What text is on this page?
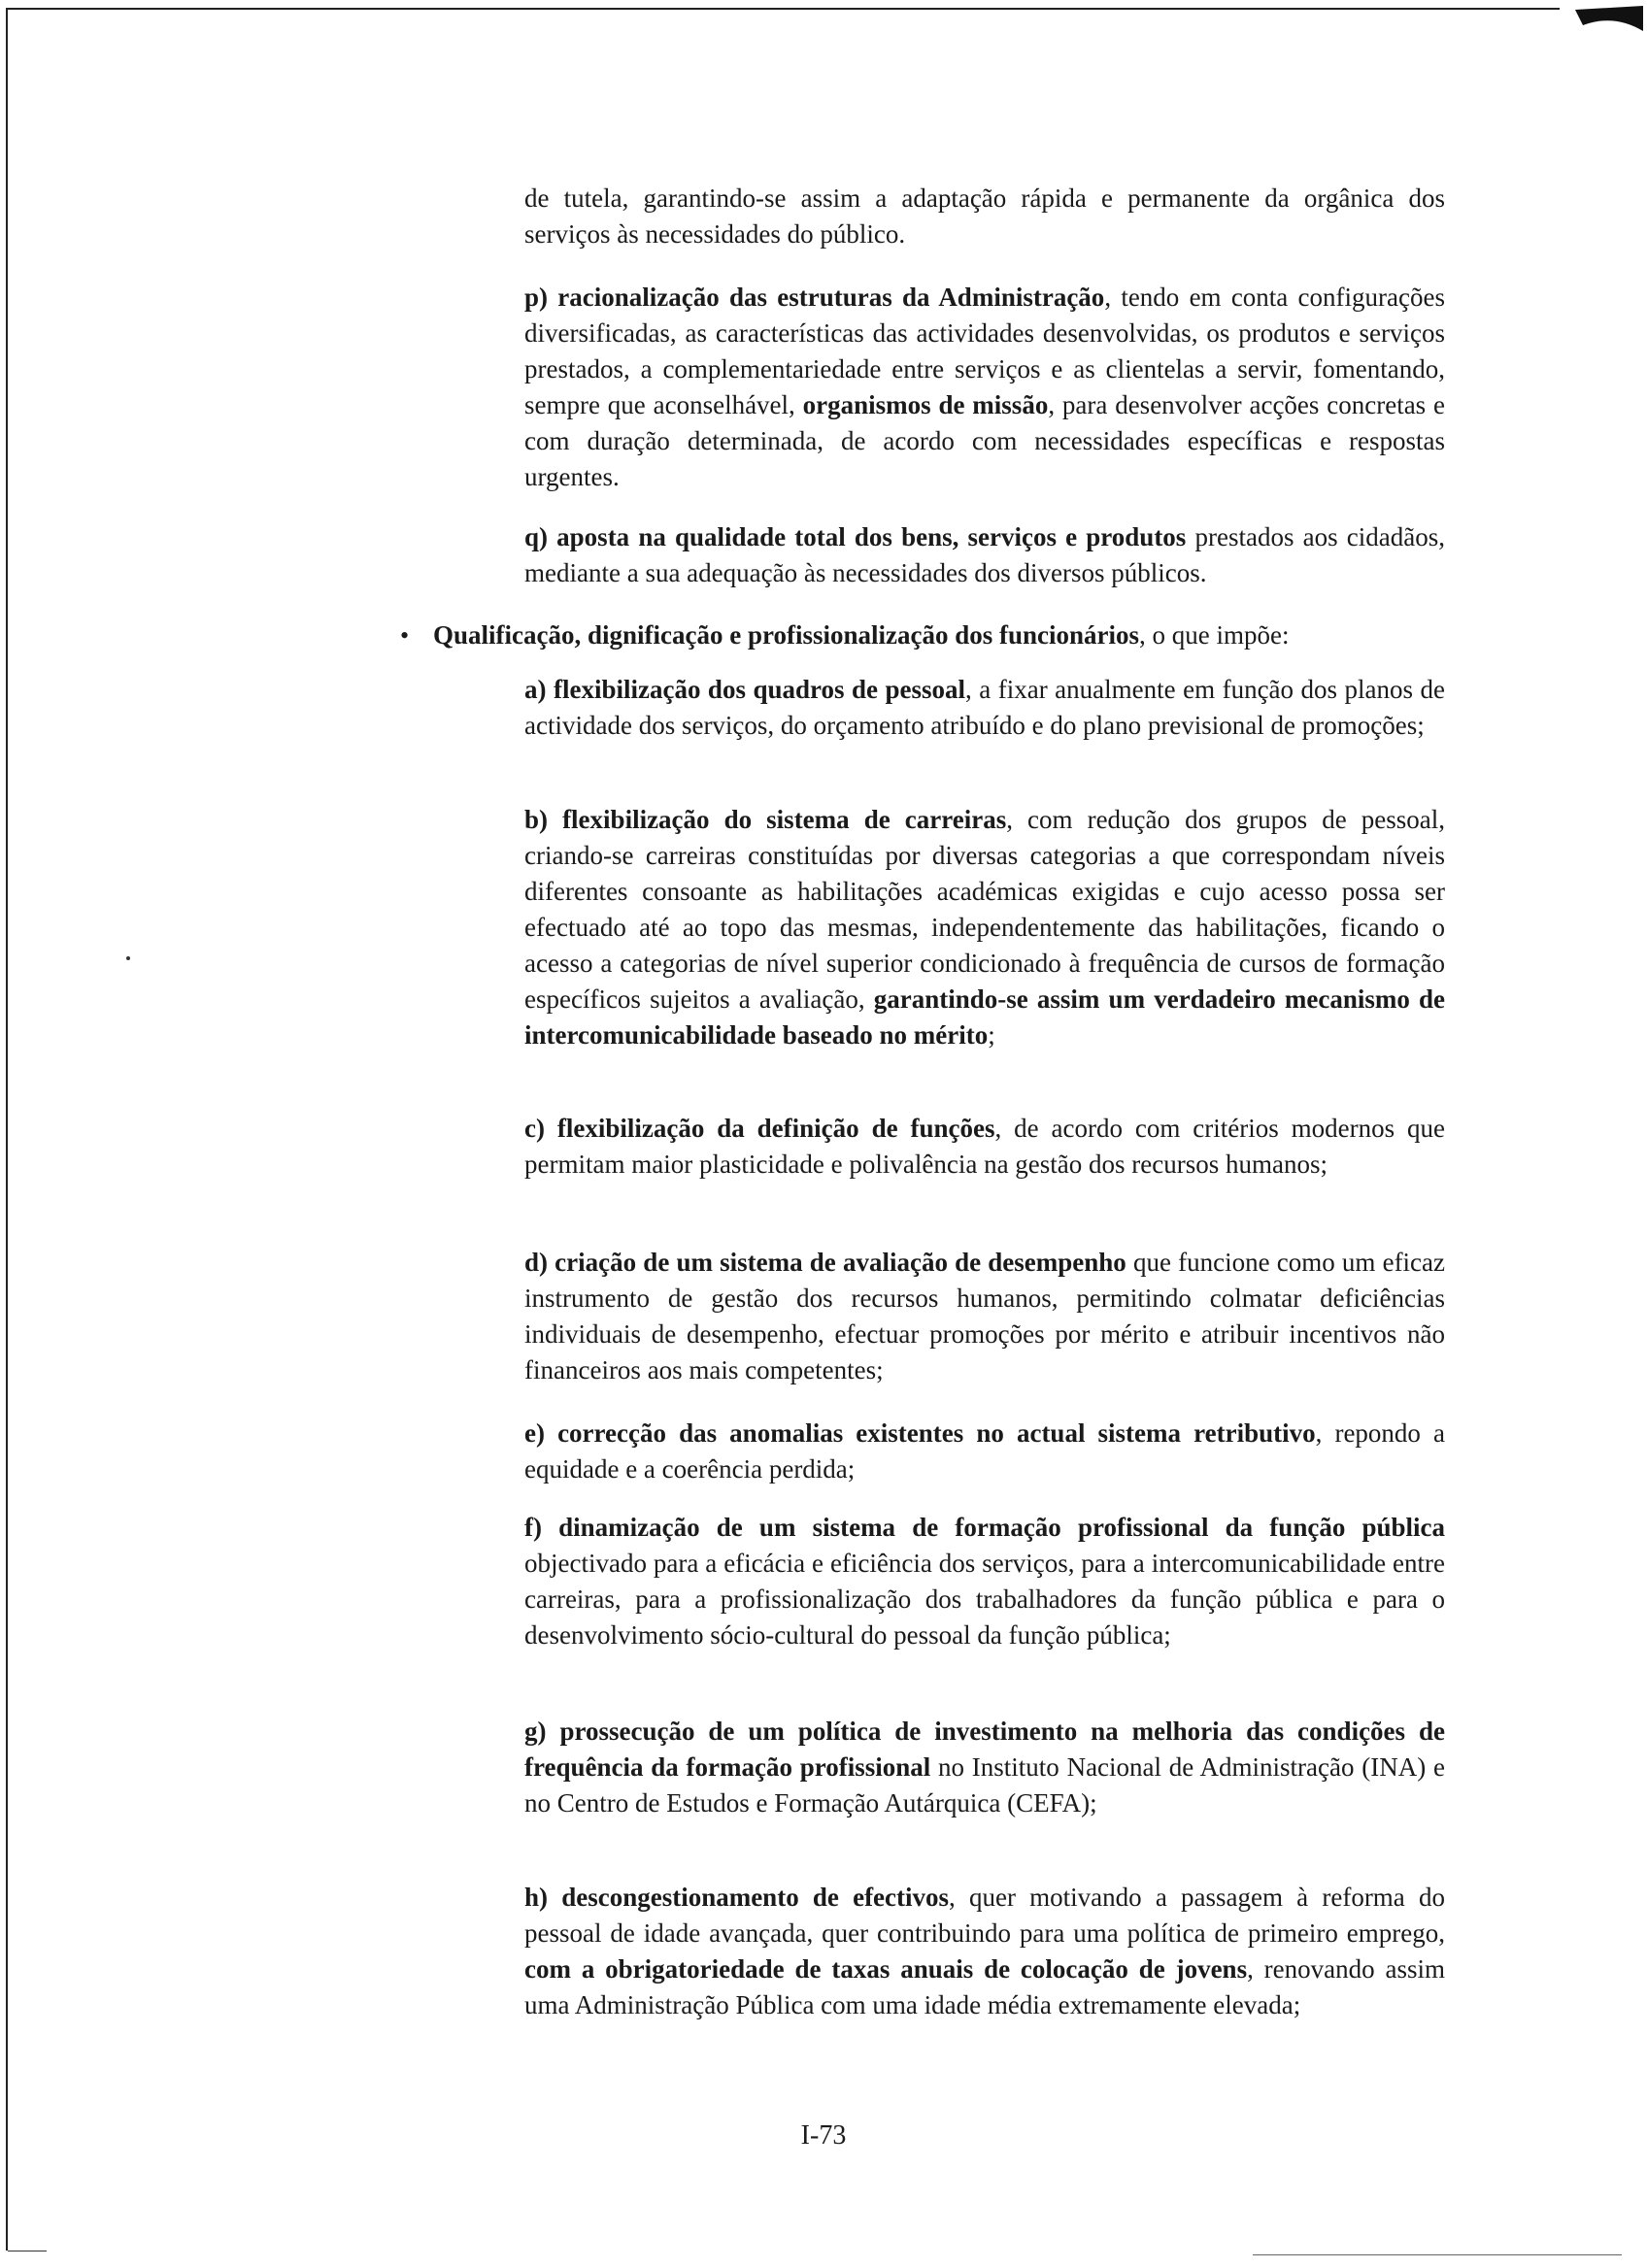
de tutela, garantindo-se assim a adaptação rápida e permanente da orgânica dos serviços às necessidades do público.

p) racionalização das estruturas da Administração, tendo em conta configurações diversificadas, as características das actividades desenvolvidas, os produtos e serviços prestados, a complementariedade entre serviços e as clientelas a servir, fomentando, sempre que aconselhável, organismos de missão, para desenvolver acções concretas e com duração determinada, de acordo com necessidades específicas e respostas urgentes.

q) aposta na qualidade total dos bens, serviços e produtos prestados aos cidadãos, mediante a sua adequação às necessidades dos diversos públicos.

• Qualificação, dignificação e profissionalização dos funcionários, o que impõe:

a) flexibilização dos quadros de pessoal, a fixar anualmente em função dos planos de actividade dos serviços, do orçamento atribuído e do plano previsional de promoções;

b) flexibilização do sistema de carreiras, com redução dos grupos de pessoal, criando-se carreiras constituídas por diversas categorias a que correspondam níveis diferentes consoante as habilitações académicas exigidas e cujo acesso possa ser efectuado até ao topo das mesmas, independentemente das habilitações, ficando o acesso a categorias de nível superior condicionado à frequência de cursos de formação específicos sujeitos a avaliação, garantindo-se assim um verdadeiro mecanismo de intercomunicabilidade baseado no mérito;

c) flexibilização da definição de funções, de acordo com critérios modernos que permitam maior plasticidade e polivalência na gestão dos recursos humanos;

d) criação de um sistema de avaliação de desempenho que funcione como um eficaz instrumento de gestão dos recursos humanos, permitindo colmatar deficiências individuais de desempenho, efectuar promoções por mérito e atribuir incentivos não financeiros aos mais competentes;

e) correcção das anomalias existentes no actual sistema retributivo, repondo a equidade e a coerência perdida;

f) dinamização de um sistema de formação profissional da função pública objectivado para a eficácia e eficiência dos serviços, para a intercomunicabilidade entre carreiras, para a profissionalização dos trabalhadores da função pública e para o desenvolvimento sócio-cultural do pessoal da função pública;

g) prossecução de um política de investimento na melhoria das condições de frequência da formação profissional no Instituto Nacional de Administração (INA) e no Centro de Estudos e Formação Autárquica (CEFA);

h) descongestionamento de efectivos, quer motivando a passagem à reforma do pessoal de idade avançada, quer contribuindo para uma política de primeiro emprego, com a obrigatoriedade de taxas anuais de colocação de jovens, renovando assim uma Administração Pública com uma idade média extremamente elevada;

I-73
